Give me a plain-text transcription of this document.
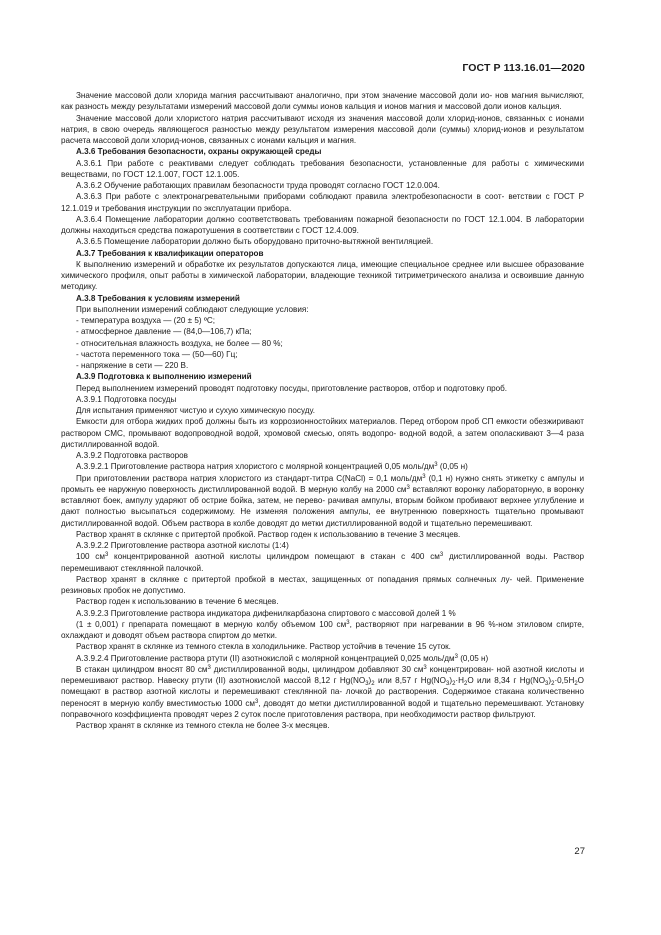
ГОСТ Р 113.16.01—2020

Значение массовой доли хлорида магния рассчитывают аналогично, при этом значение массовой доли ио- нов магния вычисляют, как разность между результатами измерений массовой доли суммы ионов кальция и ионов магния и массовой доли ионов кальция.

Значение массовой доли хлористого натрия рассчитывают исходя из значения массовой доли хлорид-ионов, связанных с ионами натрия, в свою очередь являющегося разностью между результатом измерения массовой доли (суммы) хлорид-ионов и результатом расчета массовой доли хлорид-ионов, связанных с ионами кальция и магния.

А.3.6 Требования безопасности, охраны окружающей среды

А.3.6.1 При работе с реактивами следует соблюдать требования безопасности, установленные для работы с химическими веществами, по ГОСТ 12.1.007, ГОСТ 12.1.005.

А.3.6.2 Обучение работающих правилам безопасности труда проводят согласно ГОСТ 12.0.004.

А.3.6.3 При работе с электронагревательными приборами соблюдают правила электробезопасности в соот- ветствии с ГОСТ Р 12.1.019 и требования инструкции по эксплуатации прибора.

А.3.6.4 Помещение лаборатории должно соответствовать требованиям пожарной безопасности по ГОСТ 12.1.004. В лаборатории должны находиться средства пожаротушения в соответствии с ГОСТ 12.4.009.

А.3.6.5 Помещение лаборатории должно быть оборудовано приточно-вытяжной вентиляцией.

А.3.7 Требования к квалификации операторов

К выполнению измерений и обработке их результатов допускаются лица, имеющие специальное среднее или высшее образование химического профиля, опыт работы в химической лаборатории, владеющие техникой титриметрического анализа и освоившие данную методику.

А.3.8 Требования к условиям измерений

При выполнении измерений соблюдают следующие условия:

- температура воздуха — (20 ± 5) ºС;

- атмосферное давление — (84,0—106,7) кПа;

- относительная влажность воздуха, не более — 80 %;

- частота переменного тока — (50—60) Гц;

- напряжение в сети — 220 В.

А.3.9 Подготовка к выполнению измерений

Перед выполнением измерений проводят подготовку посуды, приготовление растворов, отбор и подготовку проб.

А.3.9.1 Подготовка посуды

Для испытания применяют чистую и сухую химическую посуду.

Емкости для отбора жидких проб должны быть из коррозионностойких материалов. Перед отбором проб СП емкости обезжиривают раствором СМС, промывают водопроводной водой, хромовой смесью, опять водопро- водной водой, а затем ополаскивают 3—4 раза дистиллированной водой.

А.3.9.2 Подготовка растворов

А.3.9.2.1 Приготовление раствора натрия хлористого с молярной концентрацией 0,05 моль/$дм^3$ (0,05 н)

При приготовлении раствора натрия хлористого из стандарт-титра С(NaCl) = 0,1 моль/$дм^3$ (0,1 н) нужно снять этикетку с ампулы и промыть ее наружную поверхность дистиллированной водой. В мерную колбу на 2000 $см^3$ вставляют воронку лабораторную, в воронку вставляют боек, ампулу ударяют об острие бойка, затем, не перево- рачивая ампулы, вторым бойком пробивают верхнее углубление и дают полностью высыпаться содержимому. Не изменяя положения ампулы, ее внутреннюю поверхность тщательно промывают дистиллированной водой. Объем раствора в колбе доводят до метки дистиллированной водой и тщательно перемешивают.

Раствор хранят в склянке с притертой пробкой. Раствор годен к использованию в течение 3 месяцев.

А.3.9.2.2 Приготовление раствора азотной кислоты (1:4)

100 $см^3$ концентрированной азотной кислоты цилиндром помещают в стакан с 400 $см^3$ дистиллированной воды. Раствор перемешивают стеклянной палочкой.

Раствор хранят в склянке с притертой пробкой в местах, защищенных от попадания прямых солнечных лу- чей. Применение резиновых пробок не допустимо.

Раствор годен к использованию в течение 6 месяцев.

А.3.9.2.3 Приготовление раствора индикатора дифенилкарбазона спиртового с массовой долей 1 %

(1 ± 0,001) г препарата помещают в мерную колбу объемом 100 $см^3$, растворяют при нагревании в 96 %-ном этиловом спирте, охлаждают и доводят объем раствора спиртом до метки.

Раствор хранят в склянке из темного стекла в холодильнике. Раствор устойчив в течение 15 суток.

А.3.9.2.4 Приготовление раствора ртути (II) азотнокислой с молярной концентрацией 0,025 моль/$дм^3$ (0,05 н)

В стакан цилиндром вносят 80 $см^3$ дистиллированной воды, цилиндром добавляют 30 $см^3$ концентрирован- ной азотной кислоты и перемешивают раствор. Навеску ртути (II) азотнокислой массой 8,12 г $Hg(NO_3)_2$ или 8,57 г $Hg(NO_3)_2\cdot H_2O$ или 8,34 г $Hg(NO_3)_2\cdot 0,5H_2O$ помещают в раствор азотной кислоты и перемешивают стеклянной па- лочкой до растворения. Содержимое стакана количественно переносят в мерную колбу вместимостью 1000 $см^3$, доводят до метки дистиллированной водой и тщательно перемешивают. Установку поправочного коэффициента проводят через 2 суток после приготовления раствора, при необходимости раствор фильтруют.

Раствор хранят в склянке из темного стекла не более 3-х месяцев.

27
